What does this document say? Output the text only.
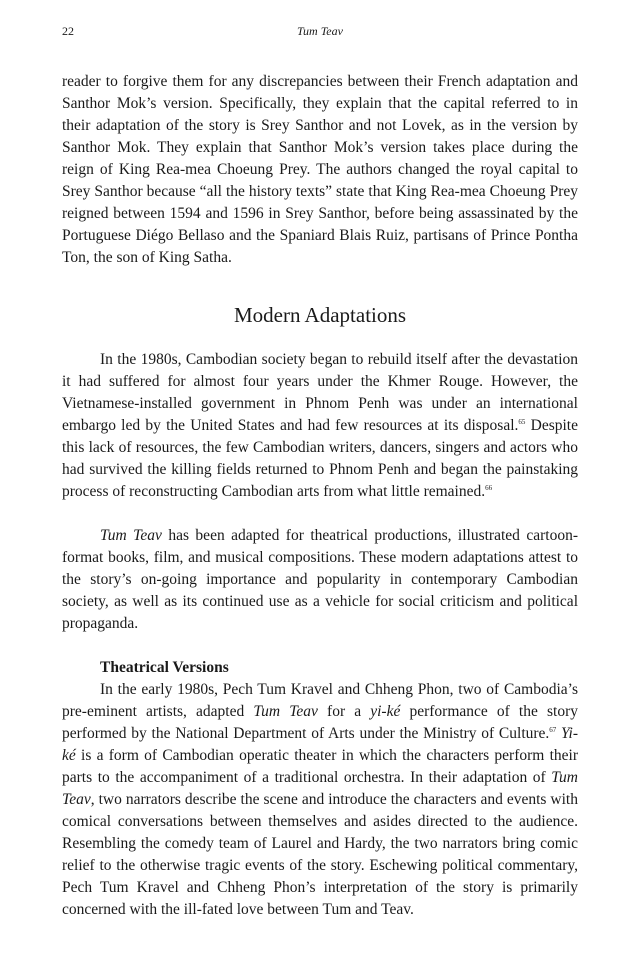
22	Tum Teav

reader to forgive them for any discrepancies between their French adaptation and Santhor Mok’s version. Specifically, they explain that the capital referred to in their adaptation of the story is Srey Santhor and not Lovek, as in the version by Santhor Mok. They explain that Santhor Mok’s version takes place during the reign of King Rea-mea Choeung Prey. The authors changed the royal capital to Srey Santhor because “all the history texts” state that King Rea-mea Choeung Prey reigned between 1594 and 1596 in Srey Santhor, before being assassinated by the Portuguese Diégo Bellaso and the Spaniard Blais Ruiz, partisans of Prince Pontha Ton, the son of King Satha.

Modern Adaptations

In the 1980s, Cambodian society began to rebuild itself after the devastation it had suffered for almost four years under the Khmer Rouge. However, the Vietnamese-installed government in Phnom Penh was under an international embargo led by the United States and had few resources at its disposal.$^{65}$ Despite this lack of resources, the few Cambodian writers, dancers, singers and actors who had survived the killing fields returned to Phnom Penh and began the painstaking process of reconstructing Cambodian arts from what little remained.$^{66}$

Tum Teav has been adapted for theatrical productions, illustrated cartoon-format books, film, and musical compositions. These modern adaptations attest to the story’s on-going importance and popularity in contemporary Cambodian society, as well as its continued use as a vehicle for social criticism and political propaganda.

Theatrical Versions

In the early 1980s, Pech Tum Kravel and Chheng Phon, two of Cambodia’s pre-eminent artists, adapted Tum Teav for a yi-ké performance of the story performed by the National Department of Arts under the Ministry of Culture.$^{67}$ Yi-ké is a form of Cambodian operatic theater in which the characters perform their parts to the accompaniment of a traditional orchestra. In their adaptation of Tum Teav, two narrators describe the scene and introduce the characters and events with comical conversations between themselves and asides directed to the audience. Resembling the comedy team of Laurel and Hardy, the two narrators bring comic relief to the otherwise tragic events of the story. Eschewing political commentary, Pech Tum Kravel and Chheng Phon’s interpretation of the story is primarily concerned with the ill-fated love between Tum and Teav.
